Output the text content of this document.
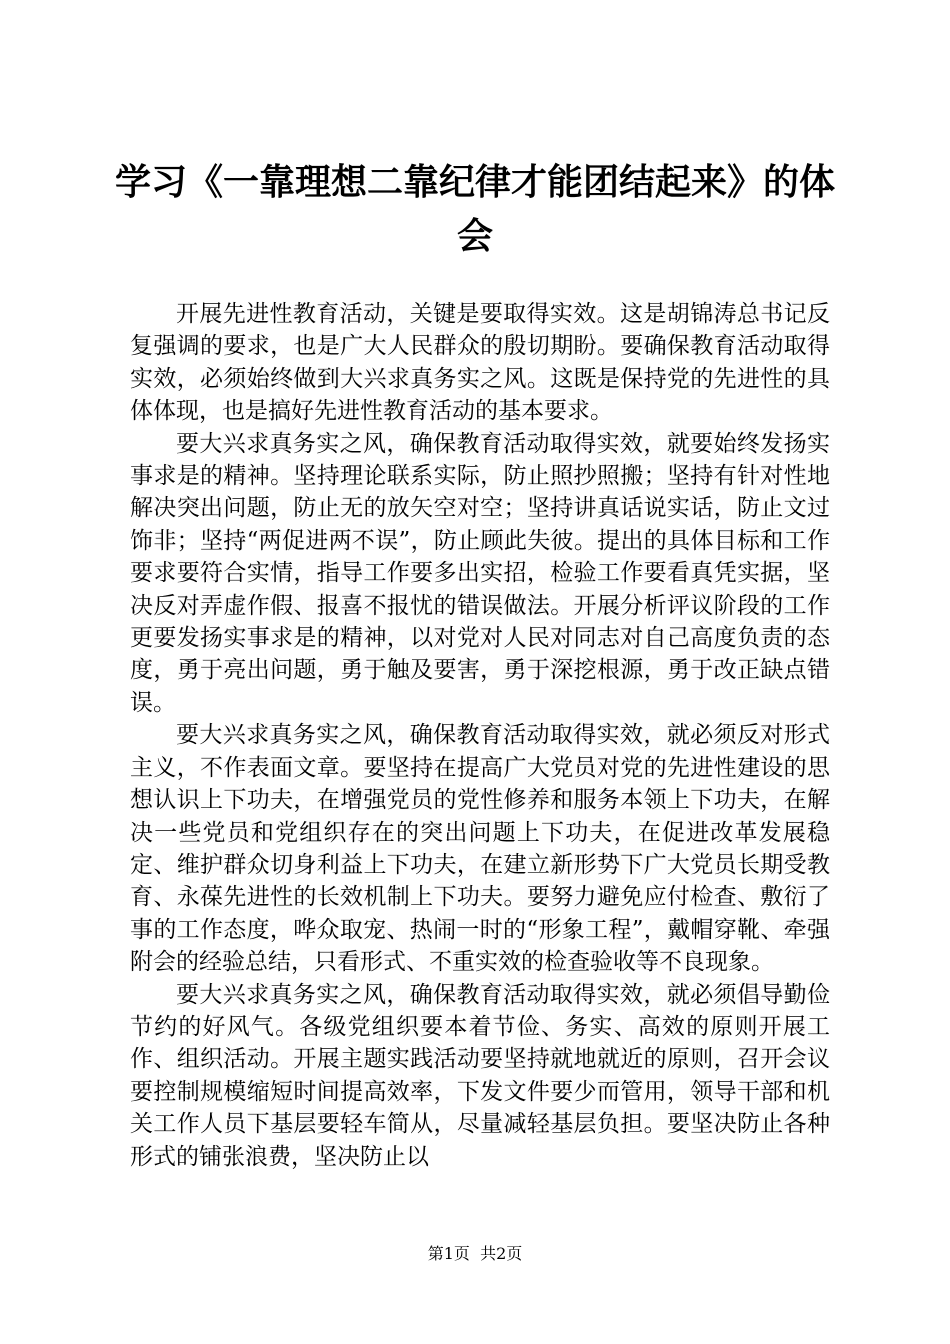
学习《一靠理想二靠纪律才能团结起来》的体会

开展先进性教育活动，关键是要取得实效。这是胡锦涛总书记反复强调的要求，也是广大人民群众的殷切期盼。要确保教育活动取得实效，必须始终做到大兴求真务实之风。这既是保持党的先进性的具体体现，也是搞好先进性教育活动的基本要求。

要大兴求真务实之风，确保教育活动取得实效，就要始终发扬实事求是的精神。坚持理论联系实际，防止照抄照搬；坚持有针对性地解决突出问题，防止无的放矢空对空；坚持讲真话说实话，防止文过饰非；坚持“两促进两不误”，防止顾此失彼。提出的具体目标和工作要求要符合实情，指导工作要多出实招，检验工作要看真凭实据，坚决反对弄虚作假、报喜不报忧的错误做法。开展分析评议阶段的工作更要发扬实事求是的精神，以对党对人民对同志对自己高度负责的态度，勇于亮出问题，勇于触及要害，勇于深挖根源，勇于改正缺点错误。

要大兴求真务实之风，确保教育活动取得实效，就必须反对形式主义，不作表面文章。要坚持在提高广大党员对党的先进性建设的思想认识上下功夫，在增强党员的党性修养和服务本领上下功夫，在解决一些党员和党组织存在的突出问题上下功夫，在促进改革发展稳定、维护群众切身利益上下功夫，在建立新形势下广大党员长期受教育、永葆先进性的长效机制上下功夫。要努力避免应付检查、敷衍了事的工作态度，哗众取宠、热闹一时的“形象工程”，戴帽穿靴、牵强附会的经验总结，只看形式、不重实效的检查验收等不良现象。

要大兴求真务实之风，确保教育活动取得实效，就必须倡导勤俭节约的好风气。各级党组织要本着节俭、务实、高效的原则开展工作、组织活动。开展主题实践活动要坚持就地就近的原则，召开会议要控制规模缩短时间提高效率，下发文件要少而管用，领导干部和机关工作人员下基层要轻车简从，尽量减轻基层负担。要坚决防止各种形式的铺张浪费，坚决防止以

第1页 共2页
